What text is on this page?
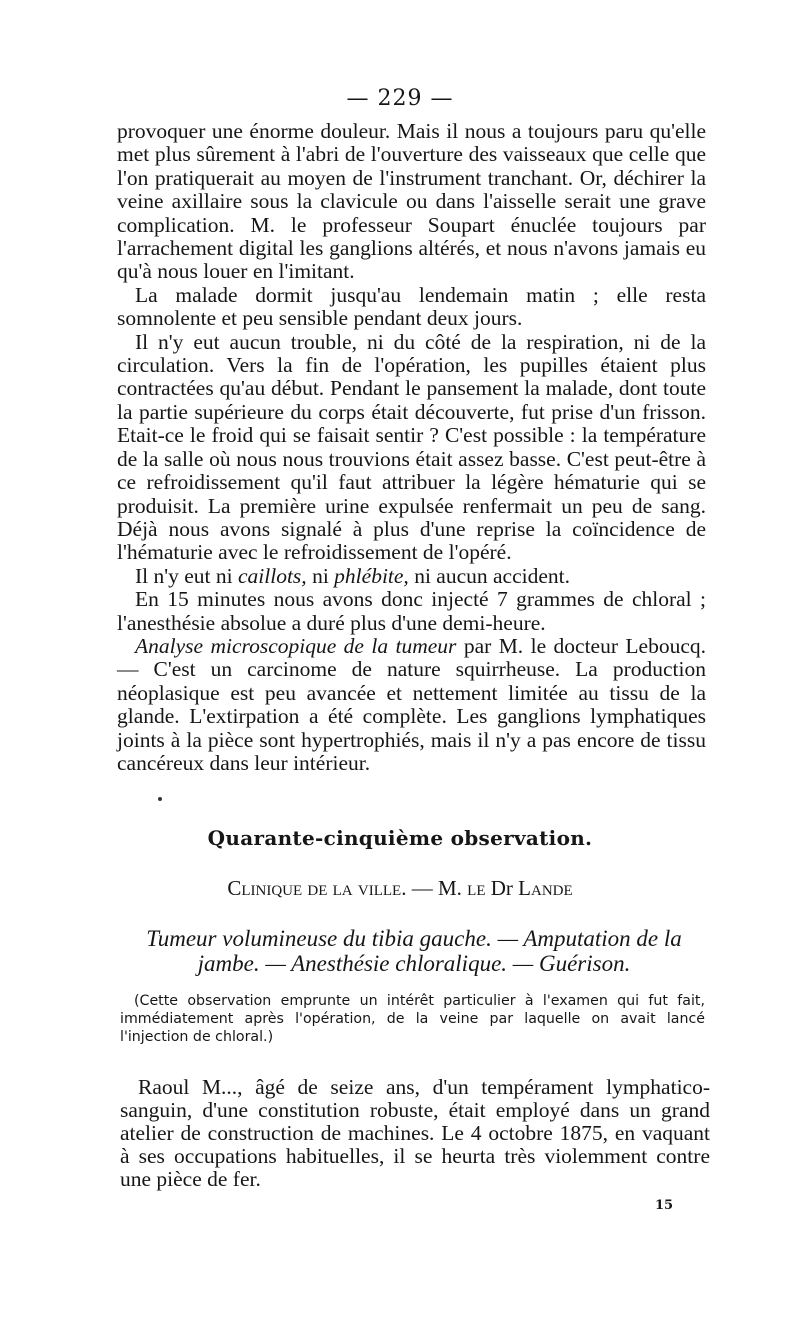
— 229 —

provoquer une énorme douleur. Mais il nous a toujours paru qu'elle met plus sûrement à l'abri de l'ouverture des vaisseaux que celle que l'on pratiquerait au moyen de l'instrument tranchant. Or, déchirer la veine axillaire sous la clavicule ou dans l'aisselle serait une grave complication. M. le professeur Soupart énuclée toujours par l'arrachement digital les ganglions altérés, et nous n'avons jamais eu qu'à nous louer en l'imitant.

La malade dormit jusqu'au lendemain matin ; elle resta somnolente et peu sensible pendant deux jours.

Il n'y eut aucun trouble, ni du côté de la respiration, ni de la circulation. Vers la fin de l'opération, les pupilles étaient plus contractées qu'au début. Pendant le pansement la malade, dont toute la partie supérieure du corps était découverte, fut prise d'un frisson. Etait-ce le froid qui se faisait sentir ? C'est possible : la température de la salle où nous nous trouvions était assez basse. C'est peut-être à ce refroidissement qu'il faut attribuer la légère hématurie qui se produisit. La première urine expulsée renfermait un peu de sang. Déjà nous avons signalé à plus d'une reprise la coïncidence de l'hématurie avec le refroidissement de l'opéré.

Il n'y eut ni caillots, ni phlébite, ni aucun accident.

En 15 minutes nous avons donc injecté 7 grammes de chloral ; l'anesthésie absolue a duré plus d'une demi-heure.

Analyse microscopique de la tumeur par M. le docteur Leboucq. — C'est un carcinome de nature squirrheuse. La production néoplasique est peu avancée et nettement limitée au tissu de la glande. L'extirpation a été complète. Les ganglions lymphatiques joints à la pièce sont hypertrophiés, mais il n'y a pas encore de tissu cancéreux dans leur intérieur.

Quarante-cinquième observation.
Clinique de la ville. — M. le Dr Lande
Tumeur volumineuse du tibia gauche. — Amputation de la jambe. — Anesthésie chloralique. — Guérison.

(Cette observation emprunte un intérêt particulier à l'examen qui fut fait, immédiatement après l'opération, de la veine par laquelle on avait lancé l'injection de chloral.)

Raoul M..., âgé de seize ans, d'un tempérament lymphatico-sanguin, d'une constitution robuste, était employé dans un grand atelier de construction de machines. Le 4 octobre 1875, en vaquant à ses occupations habituelles, il se heurta très violemment contre une pièce de fer.

15
